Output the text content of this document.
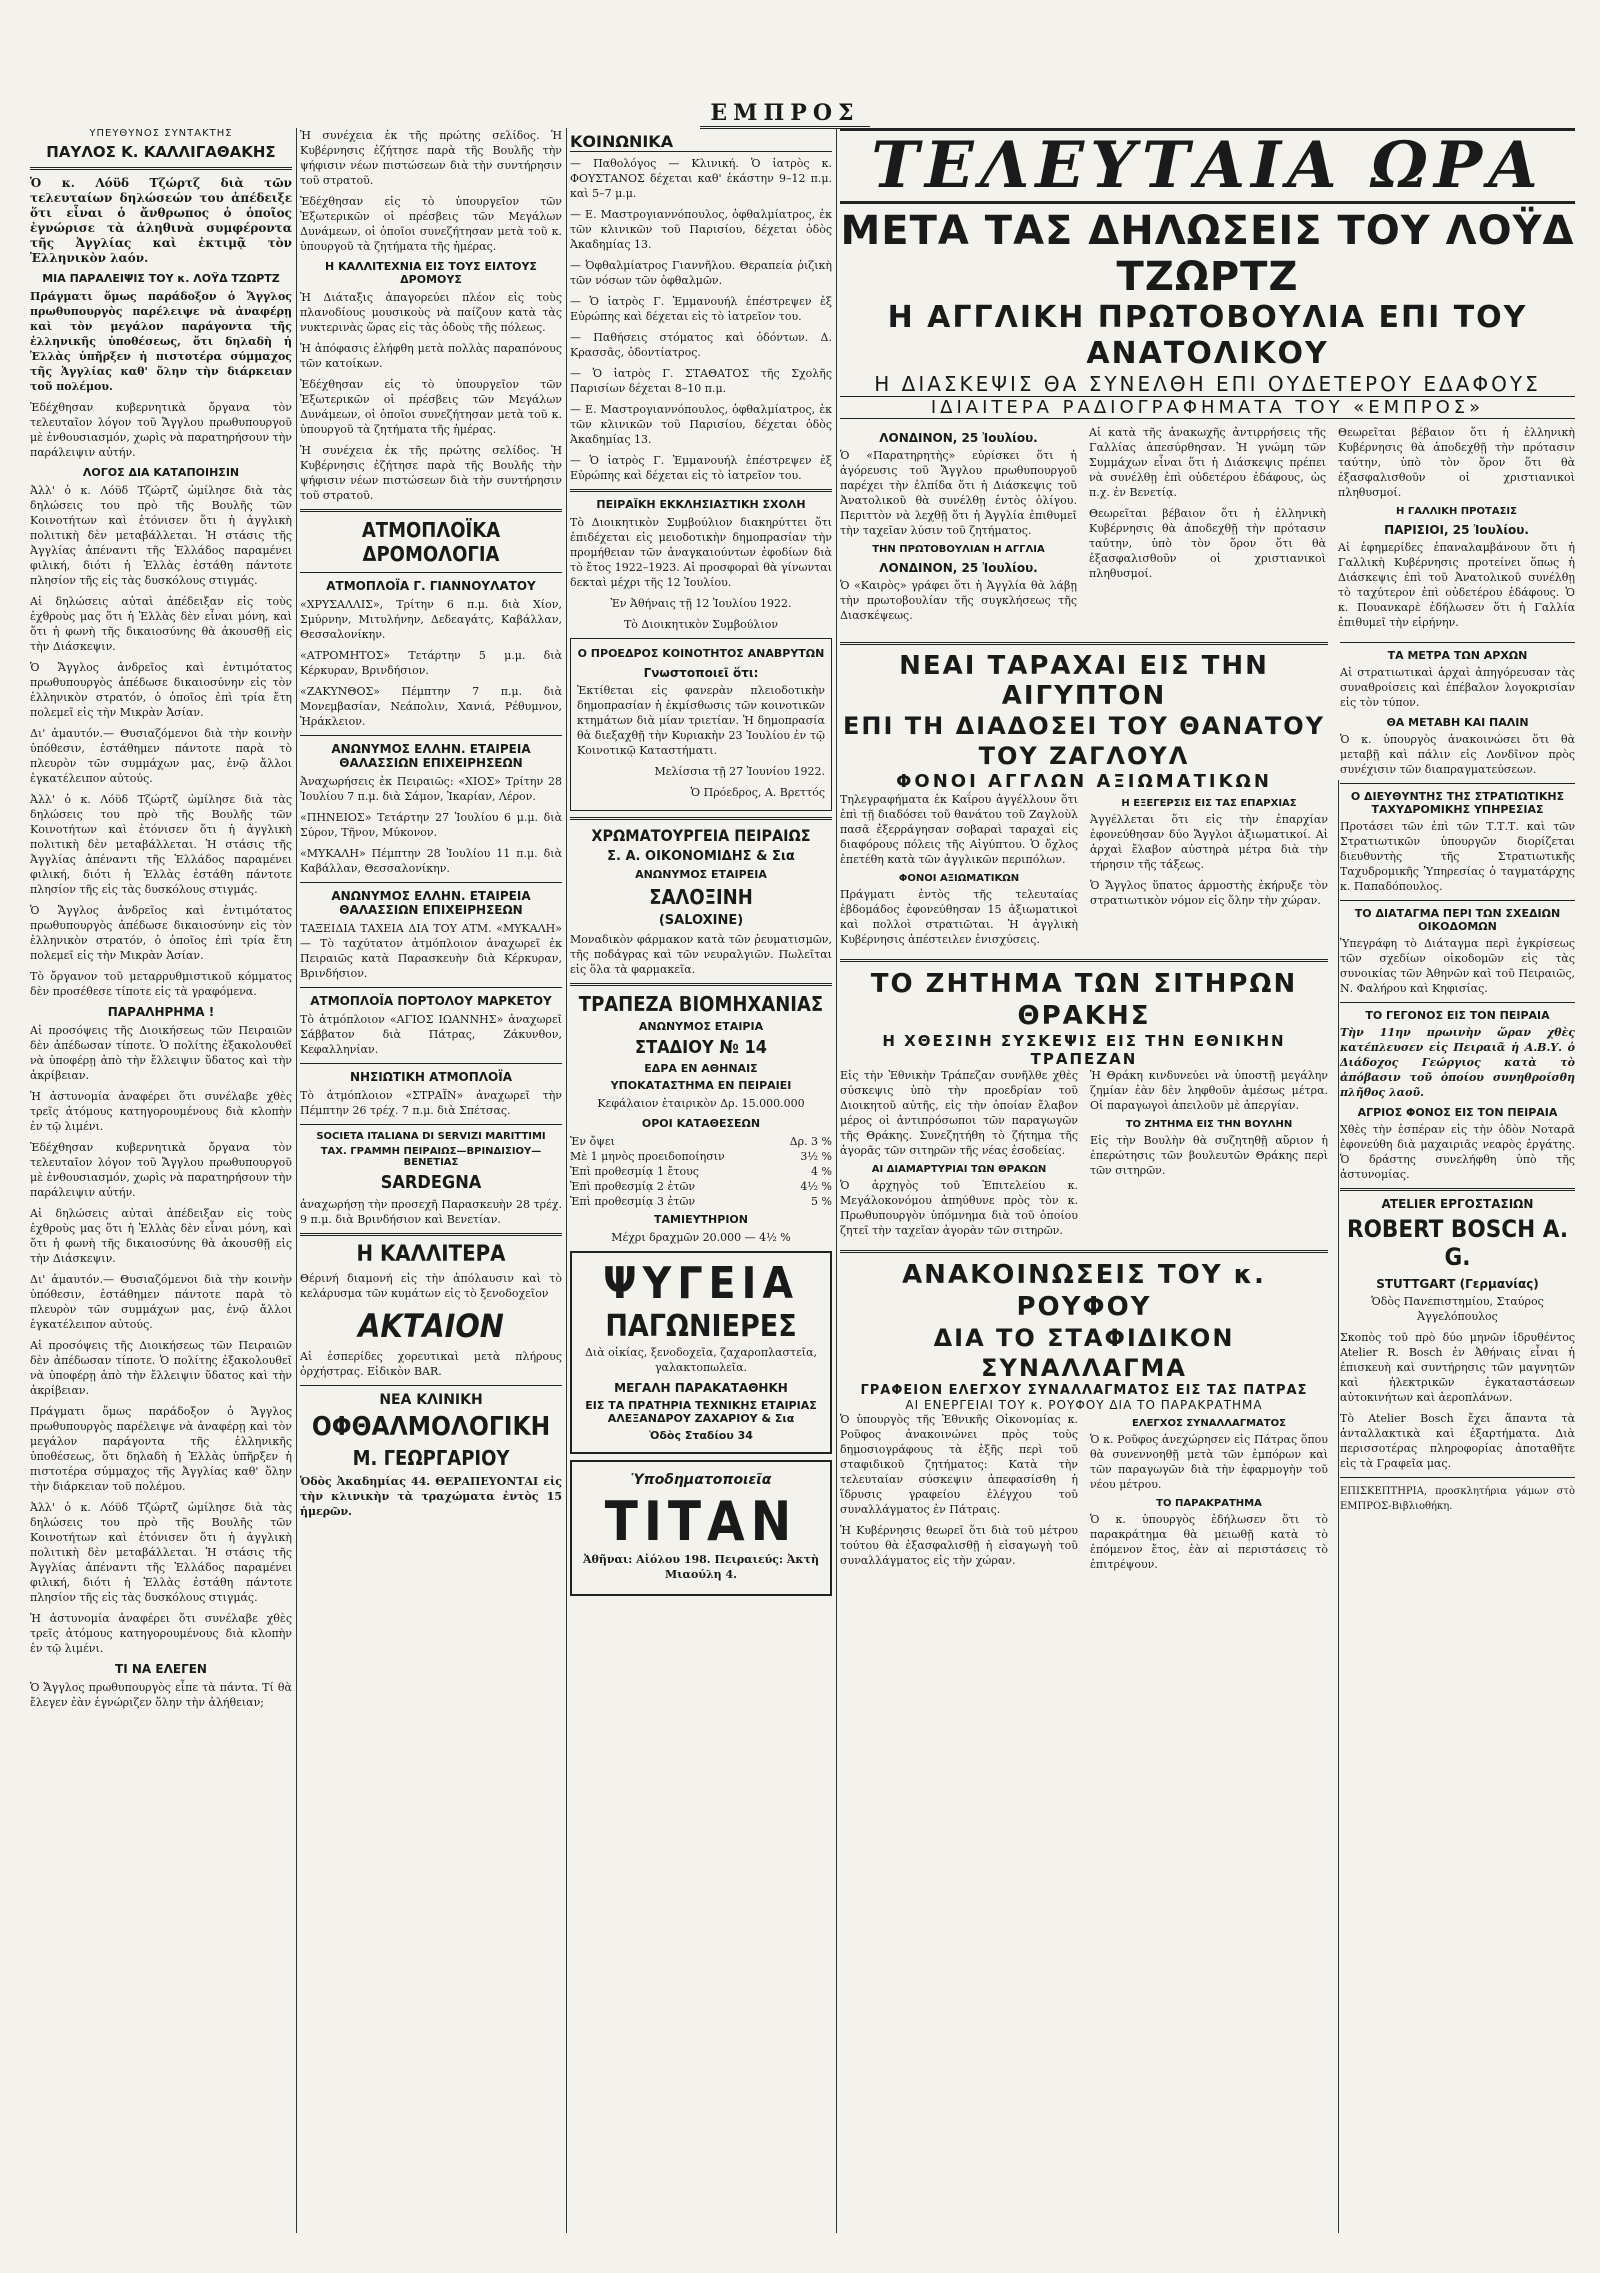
ΕΜΠΡΟΣ
ΥΠΕΥΘΥΝΟΣ ΣΥΝΤΑΚΤΗΣ
ΠΑΥΛΟΣ Κ. ΚΑΛΛΙΓΑΘΑΚΗΣ

Ὁ κ. Λόϋδ Τζώρτζ διὰ τῶν τελευταίων δηλώσεών του ἀπέδειξε ὅτι εἶναι ὁ ἄνθρωπος ὁ ὁποῖος ἐγνώρισε τὰ ἀληθινὰ συμφέροντα τῆς Ἀγγλίας καὶ ἐκτιμᾷ τὸν Ἑλληνικὸν λαόν.

ΜΙΑ ΠΑΡΑΛΕΙΨΙΣ ΤΟΥ κ. ΛΟΫΔ ΤΖΩΡΤΖ

Πράγματι ὅμως παράδοξον ὁ Ἄγγλος πρωθυπουργὸς παρέλειψε νὰ ἀναφέρῃ καὶ τὸν μεγάλον παράγοντα τῆς ἑλληνικῆς ὑποθέσεως, ὅτι δηλαδὴ ἡ Ἑλλὰς ὑπῆρξεν ἡ πιστοτέρα σύμμαχος τῆς Ἀγγλίας καθ' ὅλην τὴν διάρκειαν τοῦ πολέμου.

Ἐδέχθησαν κυβερνητικὰ ὄργανα τὸν τελευταῖον λόγον τοῦ Ἄγγλου πρωθυπουργοῦ μὲ ἐνθουσιασμόν, χωρὶς νὰ παρατηρήσουν τὴν παράλειψιν αὐτήν.

ΛΟΓΟΣ ΔΙΑ ΚΑΤΑΠΟΙΗΣΙΝ

Ἀλλ' ὁ κ. Λόϋδ Τζώρτζ ὡμίλησε διὰ τὰς δηλώσεις του πρὸ τῆς Βουλῆς τῶν Κοινοτήτων καὶ ἐτόνισεν ὅτι ἡ ἀγγλικὴ πολιτικὴ δὲν μεταβάλλεται. Ἡ στάσις τῆς Ἀγγλίας ἀπέναντι τῆς Ἑλλάδος παραμένει φιλική, διότι ἡ Ἑλλὰς ἐστάθη πάντοτε πλησίον τῆς εἰς τὰς δυσκόλους στιγμάς.

Αἱ δηλώσεις αὐταὶ ἀπέδειξαν εἰς τοὺς ἐχθροὺς μας ὅτι ἡ Ἑλλὰς δὲν εἶναι μόνη, καὶ ὅτι ἡ φωνὴ τῆς δικαιοσύνης θὰ ἀκουσθῇ εἰς τὴν Διάσκεψιν.

Ὁ Ἄγγλος ἀνδρεῖος καὶ ἐντιμότατος πρωθυπουργὸς ἀπέδωσε δικαιοσύνην εἰς τὸν ἑλληνικὸν στρατόν, ὁ ὁποῖος ἐπὶ τρία ἔτη πολεμεῖ εἰς τὴν Μικρὰν Ἀσίαν.

Δι' ἀμαυτόν.— Θυσιαζόμενοι διὰ τὴν κοινὴν ὑπόθεσιν, ἐστάθημεν πάντοτε παρὰ τὸ πλευρὸν τῶν συμμάχων μας, ἐνῷ ἄλλοι ἐγκατέλειπον αὐτούς.

Ἀλλ' ὁ κ. Λόϋδ Τζώρτζ ὡμίλησε διὰ τὰς δηλώσεις του πρὸ τῆς Βουλῆς τῶν Κοινοτήτων καὶ ἐτόνισεν ὅτι ἡ ἀγγλικὴ πολιτικὴ δὲν μεταβάλλεται. Ἡ στάσις τῆς Ἀγγλίας ἀπέναντι τῆς Ἑλλάδος παραμένει φιλική, διότι ἡ Ἑλλὰς ἐστάθη πάντοτε πλησίον τῆς εἰς τὰς δυσκόλους στιγμάς.

Ὁ Ἄγγλος ἀνδρεῖος καὶ ἐντιμότατος πρωθυπουργὸς ἀπέδωσε δικαιοσύνην εἰς τὸν ἑλληνικὸν στρατόν, ὁ ὁποῖος ἐπὶ τρία ἔτη πολεμεῖ εἰς τὴν Μικρὰν Ἀσίαν.

Τὸ ὄργανον τοῦ μεταρρυθμιστικοῦ κόμματος δὲν προσέθεσε τίποτε εἰς τὰ γραφόμενα.

ΠΑΡΑΛΗΡΗΜΑ !

Αἱ προσόψεις τῆς Διοικήσεως τῶν Πειραιῶν δὲν ἀπέδωσαν τίποτε. Ὁ πολίτης ἐξακολουθεῖ νὰ ὑποφέρῃ ἀπὸ τὴν ἔλλειψιν ὕδατος καὶ τὴν ἀκρίβειαν.

Ἡ ἀστυνομία ἀναφέρει ὅτι συνέλαβε χθὲς τρεῖς ἀτόμους κατηγορουμένους διὰ κλοπὴν ἐν τῷ λιμένι.

Ἐδέχθησαν κυβερνητικὰ ὄργανα τὸν τελευταῖον λόγον τοῦ Ἄγγλου πρωθυπουργοῦ μὲ ἐνθουσιασμόν, χωρὶς νὰ παρατηρήσουν τὴν παράλειψιν αὐτήν.

Αἱ δηλώσεις αὐταὶ ἀπέδειξαν εἰς τοὺς ἐχθροὺς μας ὅτι ἡ Ἑλλὰς δὲν εἶναι μόνη, καὶ ὅτι ἡ φωνὴ τῆς δικαιοσύνης θὰ ἀκουσθῇ εἰς τὴν Διάσκεψιν.

Δι' ἀμαυτόν.— Θυσιαζόμενοι διὰ τὴν κοινὴν ὑπόθεσιν, ἐστάθημεν πάντοτε παρὰ τὸ πλευρὸν τῶν συμμάχων μας, ἐνῷ ἄλλοι ἐγκατέλειπον αὐτούς.

Αἱ προσόψεις τῆς Διοικήσεως τῶν Πειραιῶν δὲν ἀπέδωσαν τίποτε. Ὁ πολίτης ἐξακολουθεῖ νὰ ὑποφέρῃ ἀπὸ τὴν ἔλλειψιν ὕδατος καὶ τὴν ἀκρίβειαν.

Πράγματι ὅμως παράδοξον ὁ Ἄγγλος πρωθυπουργὸς παρέλειψε νὰ ἀναφέρῃ καὶ τὸν μεγάλον παράγοντα τῆς ἑλληνικῆς ὑποθέσεως, ὅτι δηλαδὴ ἡ Ἑλλὰς ὑπῆρξεν ἡ πιστοτέρα σύμμαχος τῆς Ἀγγλίας καθ' ὅλην τὴν διάρκειαν τοῦ πολέμου.

Ἀλλ' ὁ κ. Λόϋδ Τζώρτζ ὡμίλησε διὰ τὰς δηλώσεις του πρὸ τῆς Βουλῆς τῶν Κοινοτήτων καὶ ἐτόνισεν ὅτι ἡ ἀγγλικὴ πολιτικὴ δὲν μεταβάλλεται. Ἡ στάσις τῆς Ἀγγλίας ἀπέναντι τῆς Ἑλλάδος παραμένει φιλική, διότι ἡ Ἑλλὰς ἐστάθη πάντοτε πλησίον τῆς εἰς τὰς δυσκόλους στιγμάς.

Ἡ ἀστυνομία ἀναφέρει ὅτι συνέλαβε χθὲς τρεῖς ἀτόμους κατηγορουμένους διὰ κλοπὴν ἐν τῷ λιμένι.

ΤΙ ΝΑ ΕΛΕΓΕΝ

Ὁ Ἄγγλος πρωθυπουργὸς εἶπε τὰ πάντα. Τί θὰ ἔλεγεν ἐὰν ἐγνώριζεν ὅλην τὴν ἀλήθειαν;

Ἡ συνέχεια ἐκ τῆς πρώτης σελίδος. Ἡ Κυβέρνησις ἐζήτησε παρὰ τῆς Βουλῆς τὴν ψήφισιν νέων πιστώσεων διὰ τὴν συντήρησιν τοῦ στρατοῦ.

Ἐδέχθησαν εἰς τὸ ὑπουργεῖον τῶν Ἐξωτερικῶν οἱ πρέσβεις τῶν Μεγάλων Δυνάμεων, οἱ ὁποῖοι συνεζήτησαν μετὰ τοῦ κ. ὑπουργοῦ τὰ ζητήματα τῆς ἡμέρας.

Η ΚΑΛΛΙΤΕΧΝΙΑ ΕΙΣ ΤΟΥΣ ΕΙΛΤΟΥΣ ΔΡΟΜΟΥΣ

Ἡ Διάταξις ἀπαγορεύει πλέον εἰς τοὺς πλανοδίους μουσικοὺς νὰ παίζουν κατὰ τὰς νυκτερινὰς ὥρας εἰς τὰς ὁδοὺς τῆς πόλεως.

Ἡ ἀπόφασις ἐλήφθη μετὰ πολλὰς παραπόνους τῶν κατοίκων.

Ἐδέχθησαν εἰς τὸ ὑπουργεῖον τῶν Ἐξωτερικῶν οἱ πρέσβεις τῶν Μεγάλων Δυνάμεων, οἱ ὁποῖοι συνεζήτησαν μετὰ τοῦ κ. ὑπουργοῦ τὰ ζητήματα τῆς ἡμέρας.

Ἡ συνέχεια ἐκ τῆς πρώτης σελίδος. Ἡ Κυβέρνησις ἐζήτησε παρὰ τῆς Βουλῆς τὴν ψήφισιν νέων πιστώσεων διὰ τὴν συντήρησιν τοῦ στρατοῦ.

ΑΤΜΟΠΛΟΪΚΑ ΔΡΟΜΟΛΟΓΙΑ
ΑΤΜΟΠΛΟΪΑ Γ. ΓΙΑΝΝΟΥΛΑΤΟΥ

«ΧΡΥΣΑΛΛΙΣ», Τρίτην 6 π.μ. διὰ Χίον, Σμύρνην, Μιτυλήνην, Δεδεαγάτς, Καβάλλαν, Θεσσαλονίκην.

«ΑΤΡΟΜΗΤΟΣ» Τετάρτην 5 μ.μ. διὰ Κέρκυραν, Βρινδήσιον.

«ΖΑΚΥΝΘΟΣ» Πέμπτην 7 π.μ. διὰ Μονεμβασίαν, Νεάπολιν, Χανιά, Ρέθυμνον, Ἡράκλειον.

ΑΝΩΝΥΜΟΣ ΕΛΛΗΝ. ΕΤΑΙΡΕΙΑ ΘΑΛΑΣΣΙΩΝ ΕΠΙΧΕΙΡΗΣΕΩΝ

Ἀναχωρήσεις ἐκ Πειραιῶς: «ΧΙΟΣ» Τρίτην 28 Ἰουλίου 7 π.μ. διὰ Σάμον, Ἰκαρίαν, Λέρον.

«ΠΗΝΕΙΟΣ» Τετάρτην 27 Ἰουλίου 6 μ.μ. διὰ Σύρον, Τῆνον, Μύκονον.

«ΜΥΚΑΛΗ» Πέμπτην 28 Ἰουλίου 11 π.μ. διὰ Καβάλλαν, Θεσσαλονίκην.

ΑΝΩΝΥΜΟΣ ΕΛΛΗΝ. ΕΤΑΙΡΕΙΑ ΘΑΛΑΣΣΙΩΝ ΕΠΙΧΕΙΡΗΣΕΩΝ

ΤΑΞΕΙΔΙΑ ΤΑΧΕΙΑ ΔΙΑ ΤΟΥ ΑΤΜ. «ΜΥΚΑΛΗ» — Τὸ ταχύτατον ἀτμόπλοιον ἀναχωρεῖ ἐκ Πειραιῶς κατὰ Παρασκευὴν διὰ Κέρκυραν, Βρινδήσιον.

ΑΤΜΟΠΛΟΪΑ ΠΟΡΤΟΛΟΥ ΜΑΡΚΕΤΟΥ

Τὸ ἀτμόπλοιον «ΑΓΙΟΣ ΙΩΑΝΝΗΣ» ἀναχωρεῖ Σάββατον διὰ Πάτρας, Ζάκυνθον, Κεφαλληνίαν.

ΝΗΣΙΩΤΙΚΗ ΑΤΜΟΠΛΟΪΑ

Τὸ ἀτμόπλοιον «ΣΤΡΑΪΝ» ἀναχωρεῖ τὴν Πέμπτην 26 τρέχ. 7 π.μ. διὰ Σπέτσας.

SOCIETA ITALIANA DI SERVIZI MARITTIMI
ΤΑΧ. ΓΡΑΜΜΗ ΠΕΙΡΑΙΩΣ—ΒΡΙΝΔΙΣΙΟΥ—ΒΕΝΕΤΙΑΣ
SARDEGNA

ἀναχωρήσῃ τὴν προσεχῆ Παρασκευὴν 28 τρέχ. 9 π.μ. διὰ Βρινδήσιον καὶ Βενετίαν.

Η ΚΑΛΛΙΤΕΡΑ

Θέρινή διαμονή εἰς τὴν ἀπόλαυσιν καὶ τὸ κελάρυσμα τῶν κυμάτων εἰς τὸ ξενοδοχεῖον

ΑΚΤΑΙΟΝ

Αἱ ἑσπερίδες χορευτικαὶ μετὰ πλήρους ὀρχήστρας. Εἰδικὸν BAR.

ΝΕΑ ΚΛΙΝΙΚΗ
ΟΦΘΑΛΜΟΛΟΓΙΚΗ
Μ. ΓΕΩΡΓΑΡΙΟΥ

Ὁδὸς Ἀκαδημίας 44. ΘΕΡΑΠΕΥΟΝΤΑΙ εἰς τὴν κλινικὴν τὰ τραχώματα ἐντὸς 15 ἡμερῶν.

ΚΟΙΝΩΝΙΚΑ

— Παθολόγος — Κλινική. Ὁ ἰατρὸς κ. ΦΟΥΣΤΑΝΟΣ δέχεται καθ' ἑκάστην 9–12 π.μ. καὶ 5–7 μ.μ.

— Ε. Μαστρογιαννόπουλος, ὀφθαλμίατρος, ἐκ τῶν κλινικῶν τοῦ Παρισίου, δέχεται ὁδὸς Ἀκαδημίας 13.

— Ὀφθαλμίατρος Γιαννῆλου. Θεραπεία ῥιζικὴ τῶν νόσων τῶν ὀφθαλμῶν.

— Ὁ ἰατρὸς Γ. Ἐμμανουήλ ἐπέστρεψεν ἐξ Εὐρώπης καὶ δέχεται εἰς τὸ ἰατρεῖον του.

— Παθήσεις στόματος καὶ ὀδόντων. Δ. Κρασσᾶς, ὀδοντίατρος.

— Ὁ ἰατρὸς Γ. ΣΤΑΘΑΤΟΣ τῆς Σχολῆς Παρισίων δέχεται 8–10 π.μ.

— Ε. Μαστρογιαννόπουλος, ὀφθαλμίατρος, ἐκ τῶν κλινικῶν τοῦ Παρισίου, δέχεται ὁδὸς Ἀκαδημίας 13.

— Ὁ ἰατρὸς Γ. Ἐμμανουήλ ἐπέστρεψεν ἐξ Εὐρώπης καὶ δέχεται εἰς τὸ ἰατρεῖον του.

ΠΕΙΡΑΪΚΗ ΕΚΚΛΗΣΙΑΣΤΙΚΗ ΣΧΟΛΗ

Τὸ Διοικητικὸν Συμβούλιον διακηρύττει ὅτι ἐπιδέχεται εἰς μειοδοτικὴν δημοπρασίαν τὴν προμήθειαν τῶν ἀναγκαιούντων ἐφοδίων διὰ τὸ ἔτος 1922–1923. Αἱ προσφοραὶ θὰ γίνωνται δεκταὶ μέχρι τῆς 12 Ἰουλίου.

Ἐν Ἀθήναις τῇ 12 Ἰουλίου 1922.

Τὸ Διοικητικὸν Συμβούλιον

Ο ΠΡΟΕΔΡΟΣ ΚΟΙΝΟΤΗΤΟΣ ΑΝΑΒΡΥΤΩΝ
Γνωστοποιεῖ ὅτι:

Ἐκτίθεται εἰς φανερὰν πλειοδοτικὴν δημοπρασίαν ἡ ἐκμίσθωσις τῶν κοινοτικῶν κτημάτων διὰ μίαν τριετίαν. Ἡ δημοπρασία θὰ διεξαχθῇ τὴν Κυριακὴν 23 Ἰουλίου ἐν τῷ Κοινοτικῷ Καταστήματι.

Μελίσσια τῇ 27 Ἰουνίου 1922.

Ὁ Πρόεδρος, Α. Βρεττός

ΧΡΩΜΑΤΟΥΡΓΕΙΑ ΠΕΙΡΑΙΩΣ
Σ. Α. ΟΙΚΟΝΟΜΙΔΗΣ & Σια
ΑΝΩΝΥΜΟΣ ΕΤΑΙΡΕΙΑ
ΣΑΛΟΞΙΝΗ
(SALOXINE)

Μοναδικὸν φάρμακον κατὰ τῶν ῥευματισμῶν, τῆς ποδάγρας καὶ τῶν νευραλγιῶν. Πωλεῖται εἰς ὅλα τὰ φαρμακεῖα.

ΤΡΑΠΕΖΑ ΒΙΟΜΗΧΑΝΙΑΣ
ΑΝΩΝΥΜΟΣ ΕΤΑΙΡΙΑ
ΣΤΑΔΙΟΥ № 14
ΕΔΡΑ ΕΝ ΑΘΗΝΑΙΣ
ΥΠΟΚΑΤΑΣΤΗΜΑ ΕΝ ΠΕΙΡΑΙΕΙ

Κεφάλαιον ἑταιρικὸν Δρ. 15.000.000

ΟΡΟΙ ΚΑΤΑΘΕΣΕΩΝ
Ἐν ὄψει	Δρ. 3 %
Μὲ 1 μηνὸς προειδοποίησιν	3½ %
Ἐπὶ προθεσμίᾳ 1 ἔτους	4 %
Ἐπὶ προθεσμίᾳ 2 ἐτῶν	4½ %
Ἐπὶ προθεσμίᾳ 3 ἐτῶν	5 %
ΤΑΜΙΕΥΤΗΡΙΟΝ

Μέχρι δραχμῶν 20.000 — 4½ %

ΨΥΓΕΙΑ
ΠΑΓΩΝΙΕΡΕΣ

Διὰ οἰκίας, ξενοδοχεῖα, ζαχαροπλαστεῖα, γαλακτοπωλεῖα.

ΜΕΓΑΛΗ ΠΑΡΑΚΑΤΑΘΗΚΗ
ΕΙΣ ΤΑ ΠΡΑΤΗΡΙΑ ΤΕΧΝΙΚΗΣ ΕΤΑΙΡΙΑΣ ΑΛΕΞΑΝΔΡΟΥ ΖΑΧΑΡΙΟΥ & Σια
Ὁδὸς Σταδίου 34
Ὑποδηματοποιεῖα
ΤΙΤΑΝ

Ἀθῆναι: Αἰόλου 198. Πειραιεύς: Ἀκτὴ Μιαούλη 4.

ΤΕΛΕΥΤΑΙΑ ΩΡΑ
ΜΕΤΑ ΤΑΣ ΔΗΛΩΣΕΙΣ ΤΟΥ ΛΟΫΔ ΤΖΩΡΤΖ
Η ΑΓΓΛΙΚΗ ΠΡΩΤΟΒΟΥΛΙΑ ΕΠΙ ΤΟΥ ΑΝΑΤΟΛΙΚΟΥ
Η ΔΙΑΣΚΕΨΙΣ ΘΑ ΣΥΝΕΛΘΗ ΕΠΙ ΟΥΔΕΤΕΡΟΥ ΕΔΑΦΟΥΣ
ΙΔΙΑΙΤΕΡΑ ΡΑΔΙΟΓΡΑΦΗΜΑΤΑ ΤΟΥ «ΕΜΠΡΟΣ»
ΛΟΝΔΙΝΟΝ, 25 Ἰουλίου.

Ὁ «Παρατηρητὴς» εὑρίσκει ὅτι ἡ ἀγόρευσις τοῦ Ἄγγλου πρωθυπουργοῦ παρέχει τὴν ἐλπίδα ὅτι ἡ Διάσκεψις τοῦ Ἀνατολικοῦ θὰ συνέλθῃ ἐντὸς ὀλίγου. Περιττὸν νὰ λεχθῇ ὅτι ἡ Ἀγγλία ἐπιθυμεῖ τὴν ταχεῖαν λύσιν τοῦ ζητήματος.

ΤΗΝ ΠΡΩΤΟΒΟΥΛΙΑΝ Η ΑΓΓΛΙΑ
ΛΟΝΔΙΝΟΝ, 25 Ἰουλίου.

Ὁ «Καιρὸς» γράφει ὅτι ἡ Ἀγγλία θὰ λάβῃ τὴν πρωτοβουλίαν τῆς συγκλήσεως τῆς Διασκέψεως.

Αἱ κατὰ τῆς ἀνακωχῆς ἀντιρρήσεις τῆς Γαλλίας ἀπεσύρθησαν. Ἡ γνώμη τῶν Συμμάχων εἶναι ὅτι ἡ Διάσκεψις πρέπει νὰ συνέλθῃ ἐπὶ οὐδετέρου ἐδάφους, ὡς π.χ. ἐν Βενετίᾳ.

Θεωρεῖται βέβαιον ὅτι ἡ ἑλληνικὴ Κυβέρνησις θὰ ἀποδεχθῇ τὴν πρότασιν ταύτην, ὑπὸ τὸν ὅρον ὅτι θὰ ἐξασφαλισθοῦν οἱ χριστιανικοὶ πληθυσμοί.

Θεωρεῖται βέβαιον ὅτι ἡ ἑλληνικὴ Κυβέρνησις θὰ ἀποδεχθῇ τὴν πρότασιν ταύτην, ὑπὸ τὸν ὅρον ὅτι θὰ ἐξασφαλισθοῦν οἱ χριστιανικοὶ πληθυσμοί.

Η ΓΑΛΛΙΚΗ ΠΡΟΤΑΣΙΣ
ΠΑΡΙΣΙΟΙ, 25 Ἰουλίου.

Αἱ ἐφημερίδες ἐπαναλαμβάνουν ὅτι ἡ Γαλλικὴ Κυβέρνησις προτείνει ὅπως ἡ Διάσκεψις ἐπὶ τοῦ Ἀνατολικοῦ συνέλθῃ τὸ ταχύτερον ἐπὶ οὐδετέρου ἐδάφους. Ὁ κ. Πουανκαρὲ ἐδήλωσεν ὅτι ἡ Γαλλία ἐπιθυμεῖ τὴν εἰρήνην.

ΝΕΑΙ ΤΑΡΑΧΑΙ ΕΙΣ ΤΗΝ ΑΙΓΥΠΤΟΝ
ΕΠΙ ΤΗ ΔΙΑΔΟΣΕΙ ΤΟΥ ΘΑΝΑΤΟΥ ΤΟΥ ΖΑΓΛΟΥΛ
ΦΟΝΟΙ ΑΓΓΛΩΝ ΑΞΙΩΜΑΤΙΚΩΝ

Τηλεγραφήματα ἐκ Καΐρου ἀγγέλλουν ὅτι ἐπὶ τῇ διαδόσει τοῦ θανάτου τοῦ Ζαγλοὺλ πασᾶ ἐξερράγησαν σοβαραὶ ταραχαὶ εἰς διαφόρους πόλεις τῆς Αἰγύπτου. Ὁ ὄχλος ἐπετέθη κατὰ τῶν ἀγγλικῶν περιπόλων.

ΦΟΝΟΙ ΑΞΙΩΜΑΤΙΚΩΝ

Πράγματι ἐντὸς τῆς τελευταίας ἑβδομάδος ἐφονεύθησαν 15 ἀξιωματικοὶ καὶ πολλοὶ στρατιῶται. Ἡ ἀγγλικὴ Κυβέρνησις ἀπέστειλεν ἐνισχύσεις.

Η ΕΞΕΓΕΡΣΙΣ ΕΙΣ ΤΑΣ ΕΠΑΡΧΙΑΣ

Ἀγγέλλεται ὅτι εἰς τὴν ἐπαρχίαν ἐφονεύθησαν δύο Ἄγγλοι ἀξιωματικοί. Αἱ ἀρχαὶ ἔλαβον αὐστηρὰ μέτρα διὰ τὴν τήρησιν τῆς τάξεως.

Ὁ Ἄγγλος ὕπατος ἁρμοστὴς ἐκήρυξε τὸν στρατιωτικὸν νόμον εἰς ὅλην τὴν χώραν.

ΤΟ ΖΗΤΗΜΑ ΤΩΝ ΣΙΤΗΡΩΝ ΘΡΑΚΗΣ
Η ΧΘΕΣΙΝΗ ΣΥΣΚΕΨΙΣ ΕΙΣ ΤΗΝ ΕΘΝΙΚΗΝ ΤΡΑΠΕΖΑΝ

Εἰς τὴν Ἐθνικὴν Τράπεζαν συνῆλθε χθὲς σύσκεψις ὑπὸ τὴν προεδρίαν τοῦ Διοικητοῦ αὐτῆς, εἰς τὴν ὁποίαν ἔλαβον μέρος οἱ ἀντιπρόσωποι τῶν παραγωγῶν τῆς Θράκης. Συνεζητήθη τὸ ζήτημα τῆς ἀγορᾶς τῶν σιτηρῶν τῆς νέας ἐσοδείας.

ΑΙ ΔΙΑΜΑΡΤΥΡΙΑΙ ΤΩΝ ΘΡΑΚΩΝ

Ὁ ἀρχηγὸς τοῦ Ἐπιτελείου κ. Μεγάλοκονόμου ἀπηύθυνε πρὸς τὸν κ. Πρωθυπουργὸν ὑπόμνημα διὰ τοῦ ὁποίου ζητεῖ τὴν ταχεῖαν ἀγορὰν τῶν σιτηρῶν.

Ἡ Θράκη κινδυνεύει νὰ ὑποστῇ μεγάλην ζημίαν ἐὰν δὲν ληφθοῦν ἀμέσως μέτρα. Οἱ παραγωγοὶ ἀπειλοῦν μὲ ἀπεργίαν.

ΤΟ ΖΗΤΗΜΑ ΕΙΣ ΤΗΝ ΒΟΥΛΗΝ

Εἰς τὴν Βουλὴν θὰ συζητηθῇ αὔριον ἡ ἐπερώτησις τῶν βουλευτῶν Θράκης περὶ τῶν σιτηρῶν.

ΑΝΑΚΟΙΝΩΣΕΙΣ ΤΟΥ κ. ΡΟΥΦΟΥ
ΔΙΑ ΤΟ ΣΤΑΦΙΔΙΚΟΝ ΣΥΝΑΛΛΑΓΜΑ
ΓΡΑΦΕΙΟΝ ΕΛΕΓΧΟΥ ΣΥΝΑΛΛΑΓΜΑΤΟΣ ΕΙΣ ΤΑΣ ΠΑΤΡΑΣ
ΑΙ ΕΝΕΡΓΕΙΑΙ ΤΟΥ κ. ΡΟΥΦΟΥ ΔΙΑ ΤΟ ΠΑΡΑΚΡΑΤΗΜΑ

Ὁ ὑπουργὸς τῆς Ἐθνικῆς Οἰκονομίας κ. Ροῦφος ἀνακοινώνει πρὸς τοὺς δημοσιογράφους τὰ ἑξῆς περὶ τοῦ σταφιδικοῦ ζητήματος: Κατὰ τὴν τελευταίαν σύσκεψιν ἀπεφασίσθη ἡ ἵδρυσις γραφείου ἐλέγχου τοῦ συναλλάγματος ἐν Πάτραις.

Ἡ Κυβέρνησις θεωρεῖ ὅτι διὰ τοῦ μέτρου τούτου θὰ ἐξασφαλισθῇ ἡ εἰσαγωγὴ τοῦ συναλλάγματος εἰς τὴν χώραν.

ΕΛΕΓΧΟΣ ΣΥΝΑΛΛΑΓΜΑΤΟΣ

Ὁ κ. Ροῦφος ἀνεχώρησεν εἰς Πάτρας ὅπου θὰ συνεννοηθῇ μετὰ τῶν ἐμπόρων καὶ τῶν παραγωγῶν διὰ τὴν ἐφαρμογὴν τοῦ νέου μέτρου.

ΤΟ ΠΑΡΑΚΡΑΤΗΜΑ

Ὁ κ. ὑπουργὸς ἐδήλωσεν ὅτι τὸ παρακράτημα θὰ μειωθῇ κατὰ τὸ ἐπόμενον ἔτος, ἐὰν αἱ περιστάσεις τὸ ἐπιτρέψουν.

ΤΑ ΜΕΤΡΑ ΤΩΝ ΑΡΧΩΝ

Αἱ στρατιωτικαὶ ἀρχαὶ ἀπηγόρευσαν τὰς συναθροίσεις καὶ ἐπέβαλον λογοκρισίαν εἰς τὸν τύπον.

ΘΑ ΜΕΤΑΒΗ ΚΑΙ ΠΑΛΙΝ

Ὁ κ. ὑπουργὸς ἀνακοινώσει ὅτι θὰ μεταβῇ καὶ πάλιν εἰς Λονδῖνον πρὸς συνέχισιν τῶν διαπραγματεύσεων.

Ο ΔΙΕΥΘΥΝΤΗΣ ΤΗΣ ΣΤΡΑΤΙΩΤΙΚΗΣ ΤΑΧΥΔΡΟΜΙΚΗΣ ΥΠΗΡΕΣΙΑΣ

Προτάσει τῶν ἐπὶ τῶν Τ.Τ.Τ. καὶ τῶν Στρατιωτικῶν ὑπουργῶν διορίζεται διευθυντὴς τῆς Στρατιωτικῆς Ταχυδρομικῆς Ὑπηρεσίας ὁ ταγματάρχης κ. Παπαδόπουλος.

ΤΟ ΔΙΑΤΑΓΜΑ ΠΕΡΙ ΤΩΝ ΣΧΕΔΙΩΝ ΟΙΚΟΔΟΜΩΝ

Ὑπεγράφη τὸ Διάταγμα περὶ ἐγκρίσεως τῶν σχεδίων οἰκοδομῶν εἰς τὰς συνοικίας τῶν Ἀθηνῶν καὶ τοῦ Πειραιῶς, Ν. Φαλήρου καὶ Κηφισίας.

ΤΟ ΓΕΓΟΝΟΣ ΕΙΣ ΤΟΝ ΠΕΙΡΑΙΑ

Τὴν 11ην πρωινὴν ὥραν χθὲς κατέπλευσεν εἰς Πειραιᾶ ἡ Α.Β.Υ. ὁ Διάδοχος Γεώργιος κατὰ τὸ ἀπόβασιν τοῦ ὁποίου συνηθροίσθη πλῆθος λαοῦ.

ΑΓΡΙΟΣ ΦΟΝΟΣ ΕΙΣ ΤΟΝ ΠΕΙΡΑΙΑ

Χθὲς τὴν ἑσπέραν εἰς τὴν ὁδὸν Νοταρᾶ ἐφονεύθη διὰ μαχαιριᾶς νεαρὸς ἐργάτης. Ὁ δράστης συνελήφθη ὑπὸ τῆς ἀστυνομίας.

ATELIER ΕΡΓΟΣΤΑΣΙΩΝ
ROBERT BOSCH A. G.
STUTTGART (Γερμανίας)

Ὁδὸς Πανεπιστημίου, Σταύρος Ἀγγελόπουλος

Σκοπὸς τοῦ πρὸ δύο μηνῶν ἱδρυθέντος Atelier R. Bosch ἐν Ἀθήναις εἶναι ἡ ἐπισκευὴ καὶ συντήρησις τῶν μαγνητῶν καὶ ἠλεκτρικῶν ἐγκαταστάσεων αὐτοκινήτων καὶ ἀεροπλάνων.

Τὸ Atelier Bosch ἔχει ἅπαντα τὰ ἀνταλλακτικὰ καὶ ἐξαρτήματα. Διὰ περισσοτέρας πληροφορίας ἀποταθῆτε εἰς τὰ Γραφεῖα μας.

ΕΠΙΣΚΕΠΤΗΡΙΑ, προσκλητήρια γάμων στὸ ΕΜΠΡΟΣ-Βιβλιοθήκη.
